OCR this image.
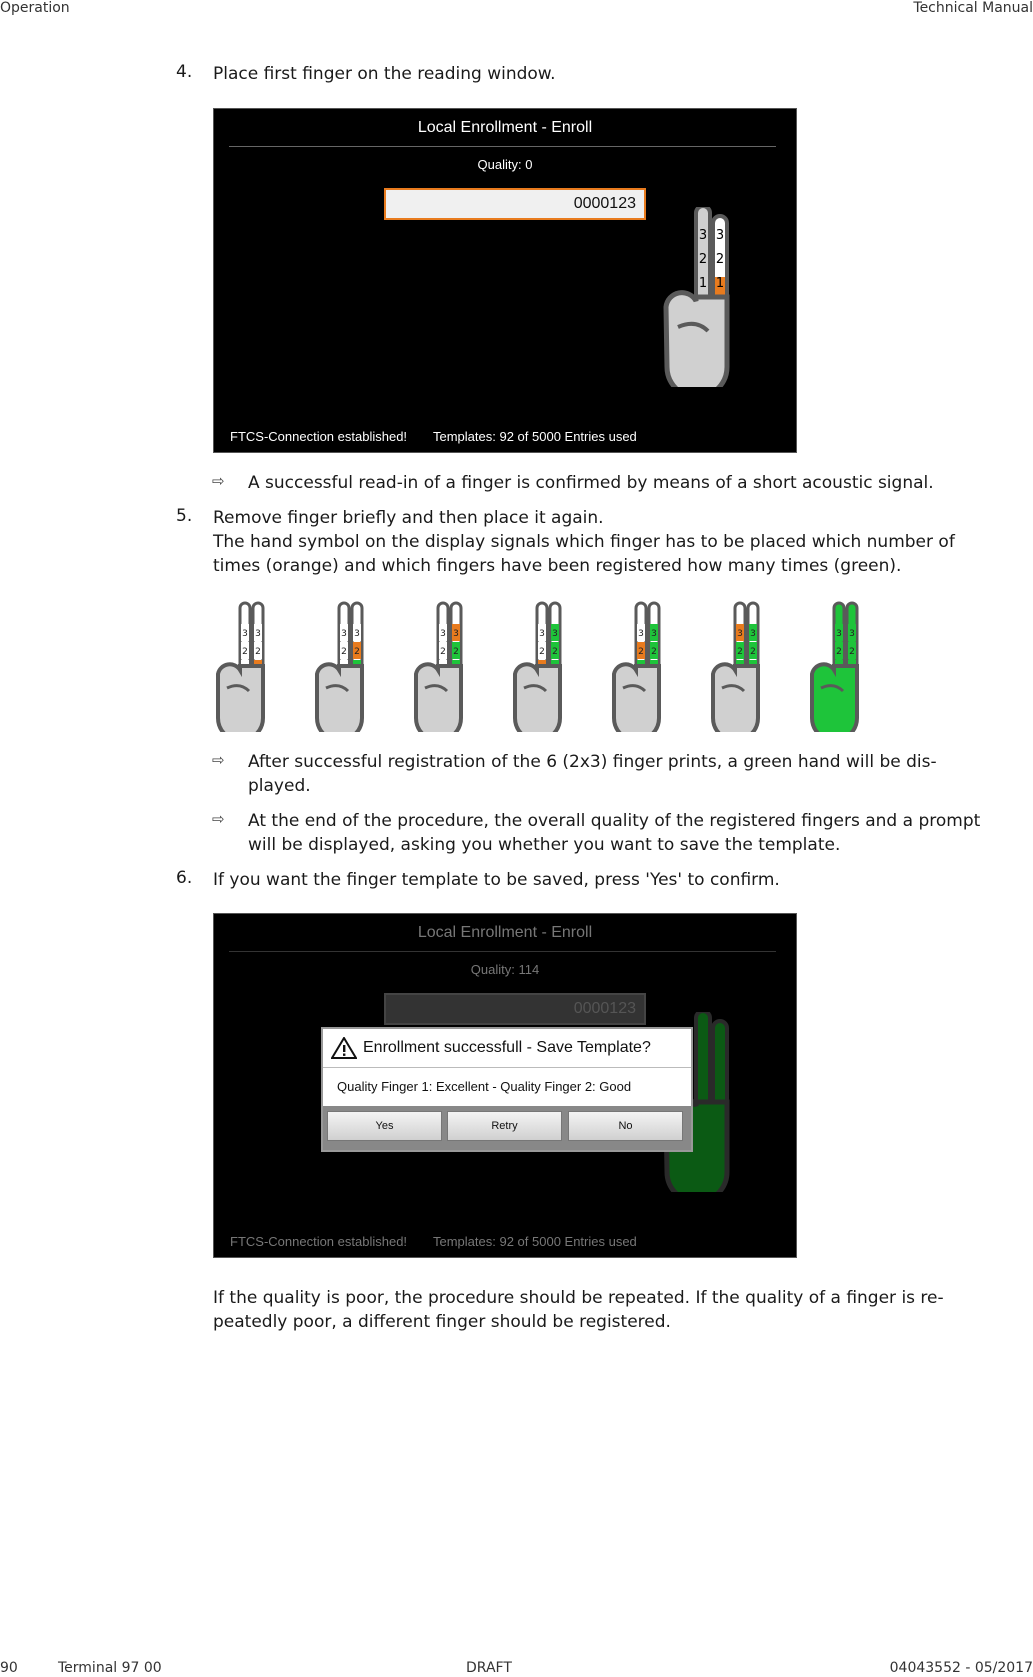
Operation	Technical Manual
4. Place first finger on the reading window.
Local Enrollment - Enroll
Quality: 0
0000123
3
2
1
3
2
1
FTCS-Connection established! Templates: 92 of 5000 Entries used
⇨ A successful read-in of a finger is confirmed by means of a short acoustic signal.
5. Remove finger briefly and then place it again.
The hand symbol on the display signals which finger has to be placed which number of
times (orange) and which fingers have been registered how many times (green).
2
3
2
3
2
3
2
3
2
3
2
3
2
3
2
3
2
3
2
3
2
3
2
3
2
3
2
3
⇨ After successful registration of the 6 (2x3) finger prints, a green hand will be dis-
played.
⇨ At the end of the procedure, the overall quality of the registered fingers and a prompt
will be displayed, asking you whether you want to save the template.
6. If you want the finger template to be saved, press 'Yes' to confirm.
Local Enrollment - Enroll
Quality: 114
0000123
FTCS-Connection established! Templates: 92 of 5000 Entries used
Enrollment successfull - Save Template?
Quality Finger 1: Excellent - Quality Finger 2: Good
Yes	Retry	No
If the quality is poor, the procedure should be repeated. If the quality of a finger is re-
peatedly poor, a different finger should be registered.
90	Terminal 97 00	DRAFT	04043552 - 05/2017
